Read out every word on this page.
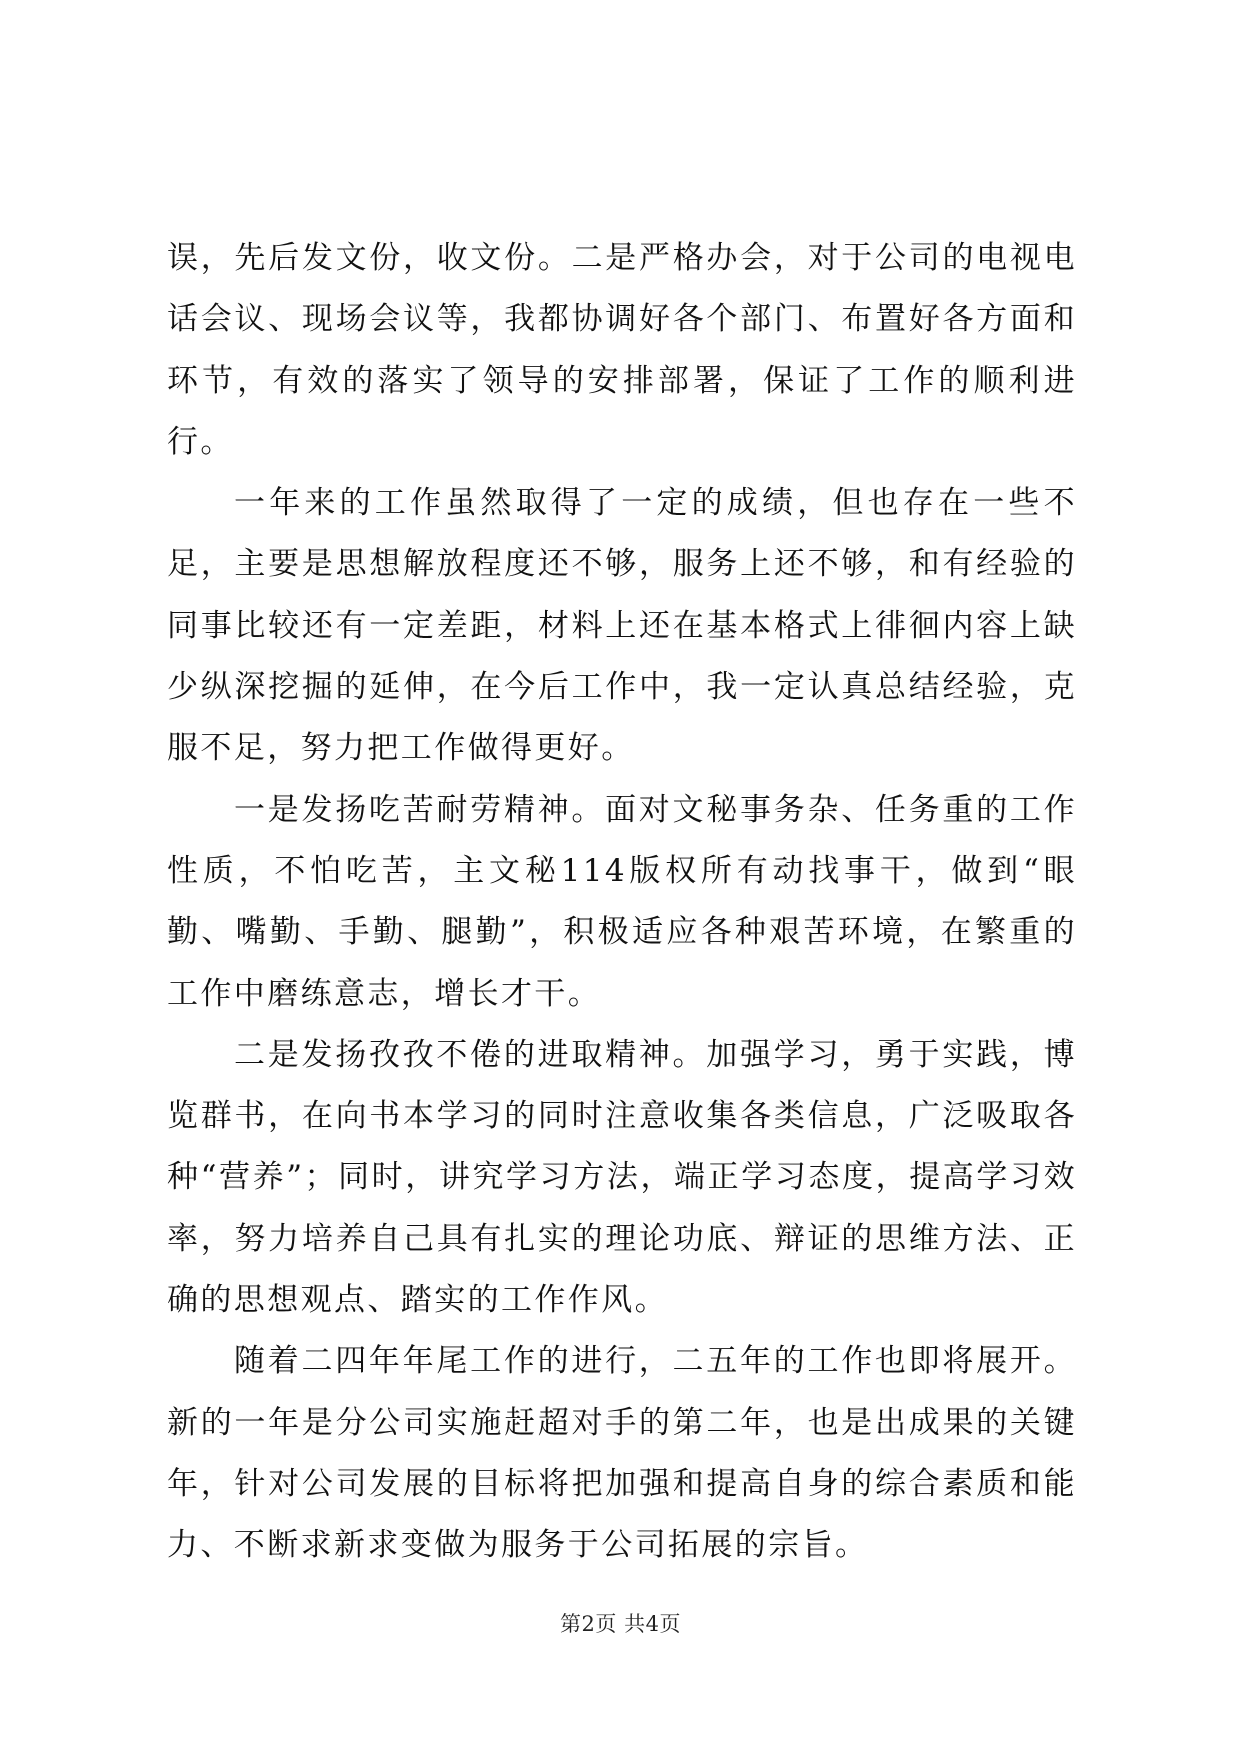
误，先后发文份，收文份。二是严格办会，对于公司的电视电话会议、现场会议等，我都协调好各个部门、布置好各方面和环节，有效的落实了领导的安排部署，保证了工作的顺利进行。

一年来的工作虽然取得了一定的成绩，但也存在一些不足，主要是思想解放程度还不够，服务上还不够，和有经验的同事比较还有一定差距，材料上还在基本格式上徘徊内容上缺少纵深挖掘的延伸，在今后工作中，我一定认真总结经验，克服不足，努力把工作做得更好。

一是发扬吃苦耐劳精神。面对文秘事务杂、任务重的工作性质，不怕吃苦，主文秘114版权所有动找事干，做到“眼勤、嘴勤、手勤、腿勤”，积极适应各种艰苦环境，在繁重的工作中磨练意志，增长才干。

二是发扬孜孜不倦的进取精神。加强学习，勇于实践，博览群书，在向书本学习的同时注意收集各类信息，广泛吸取各种“营养”；同时，讲究学习方法，端正学习态度，提高学习效率，努力培养自己具有扎实的理论功底、辩证的思维方法、正确的思想观点、踏实的工作作风。

随着二四年年尾工作的进行，二五年的工作也即将展开。新的一年是分公司实施赶超对手的第二年，也是出成果的关键年，针对公司发展的目标将把加强和提高自身的综合素质和能力、不断求新求变做为服务于公司拓展的宗旨。

第2页 共4页
